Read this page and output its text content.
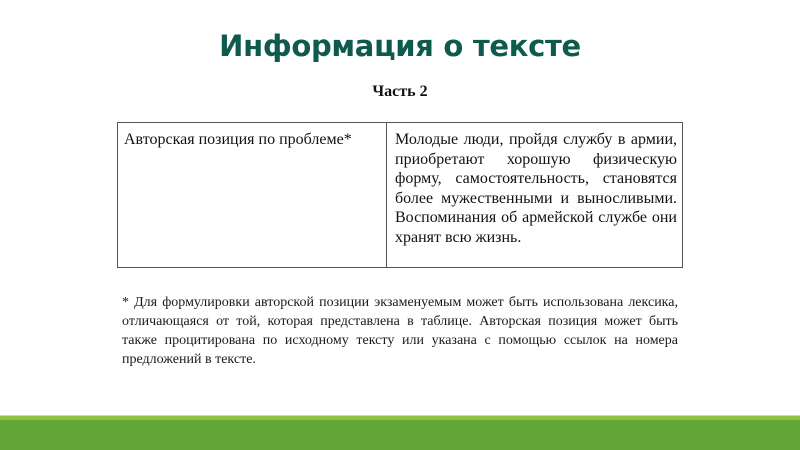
Информация о тексте
Часть 2
Авторская позиция по проблеме*	Молодые люди, пройдя службу в армии, приобретают хорошую физическую форму, самостоятельность, становятся более мужественными и выносливыми. Воспоминания об армейской службе они хранят всю жизнь.

* Для формулировки авторской позиции экзаменуемым может быть использована лексика, отличающаяся от той, которая представлена в таблице. Авторская позиция может быть также процитирована по исходному тексту или указана с помощью ссылок на номера предложений в тексте.
